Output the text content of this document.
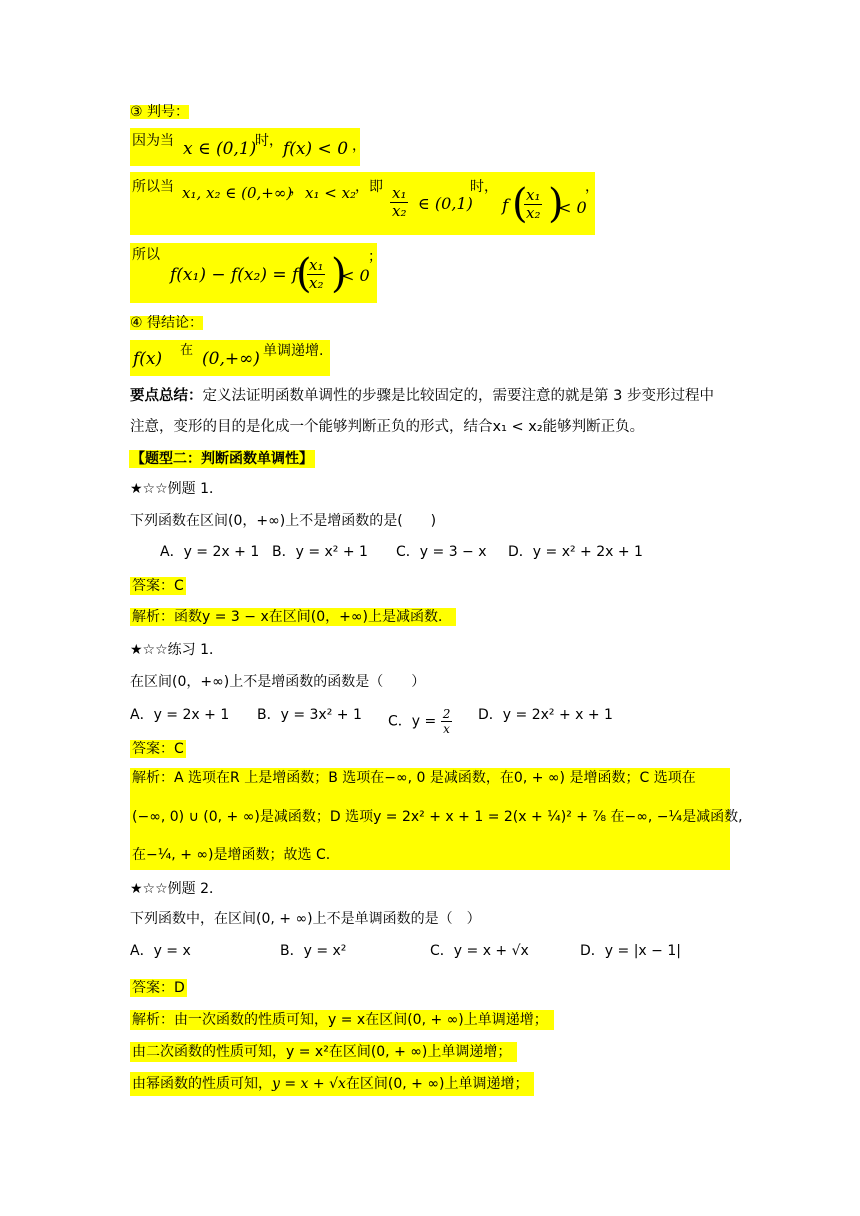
③ 判号：
因为当 x ∈ (0,1)
时， f(x) < 0 ，
所以当 x₁, x₂ ∈ (0,+∞)
， x₁ < x₂
，即 $\frac{\text{x₁}}{\text{x₂}}$ ∈ (0,1)
时，
f (
$\frac{\text{x₁}}{\text{x₂}}$ )
< 0
，
所以
f(x₁) − f(x₂) = f
(
$\frac{\text{x₁}}{\text{x₂}}$ )
< 0
；
④ 得结论：
f(x) 在 (0,+∞) 单调递增.
要点总结：定义法证明函数单调性的步骤是比较固定的，需要注意的就是第 3 步变形过程中
注意，变形的目的是化成一个能够判断正负的形式，结合x₁ < x₂能够判断正负。
【题型二：判断函数单调性】
★☆☆例题 1．
下列函数在区间(0，+∞)上不是增函数的是(　　)
A．y = 2x + 1 B．y = x² + 1 C．y = 3 − x D．y = x² + 2x + 1
答案：C
解析：函数y = 3 − x在区间(0，+∞)上是减函数．
★☆☆练习 1．
在区间(0，+∞)上不是增函数的函数是（　　）
A．y = 2x + 1 B．y = 3x² + 1 C．$y = \frac{2}{x}$ D．y = 2x² + x + 1
答案：C
解析：A 选项在R 上是增函数；B 选项在−∞, 0 是减函数，在0, + ∞) 是增函数；C 选项在
(−∞, 0) ∪ (0, + ∞)是减函数；D 选项y = 2x² + x + 1 = 2(x + ¼)² + ⅞ 在−∞, −¼是减函数,
在−¼, + ∞)是增函数；故选 C.
★☆☆例题 2．
下列函数中，在区间(0, + ∞)上不是单调函数的是（　）
A．y = x	B．y = x²	C．y = x + √x	D．y = |x − 1|
答案：D
解析：由一次函数的性质可知，y = x在区间(0, + ∞)上单调递增；
由二次函数的性质可知，y = x²在区间(0, + ∞)上单调递增；
由幂函数的性质可知，y = x + √x在区间(0, + ∞)上单调递增；
